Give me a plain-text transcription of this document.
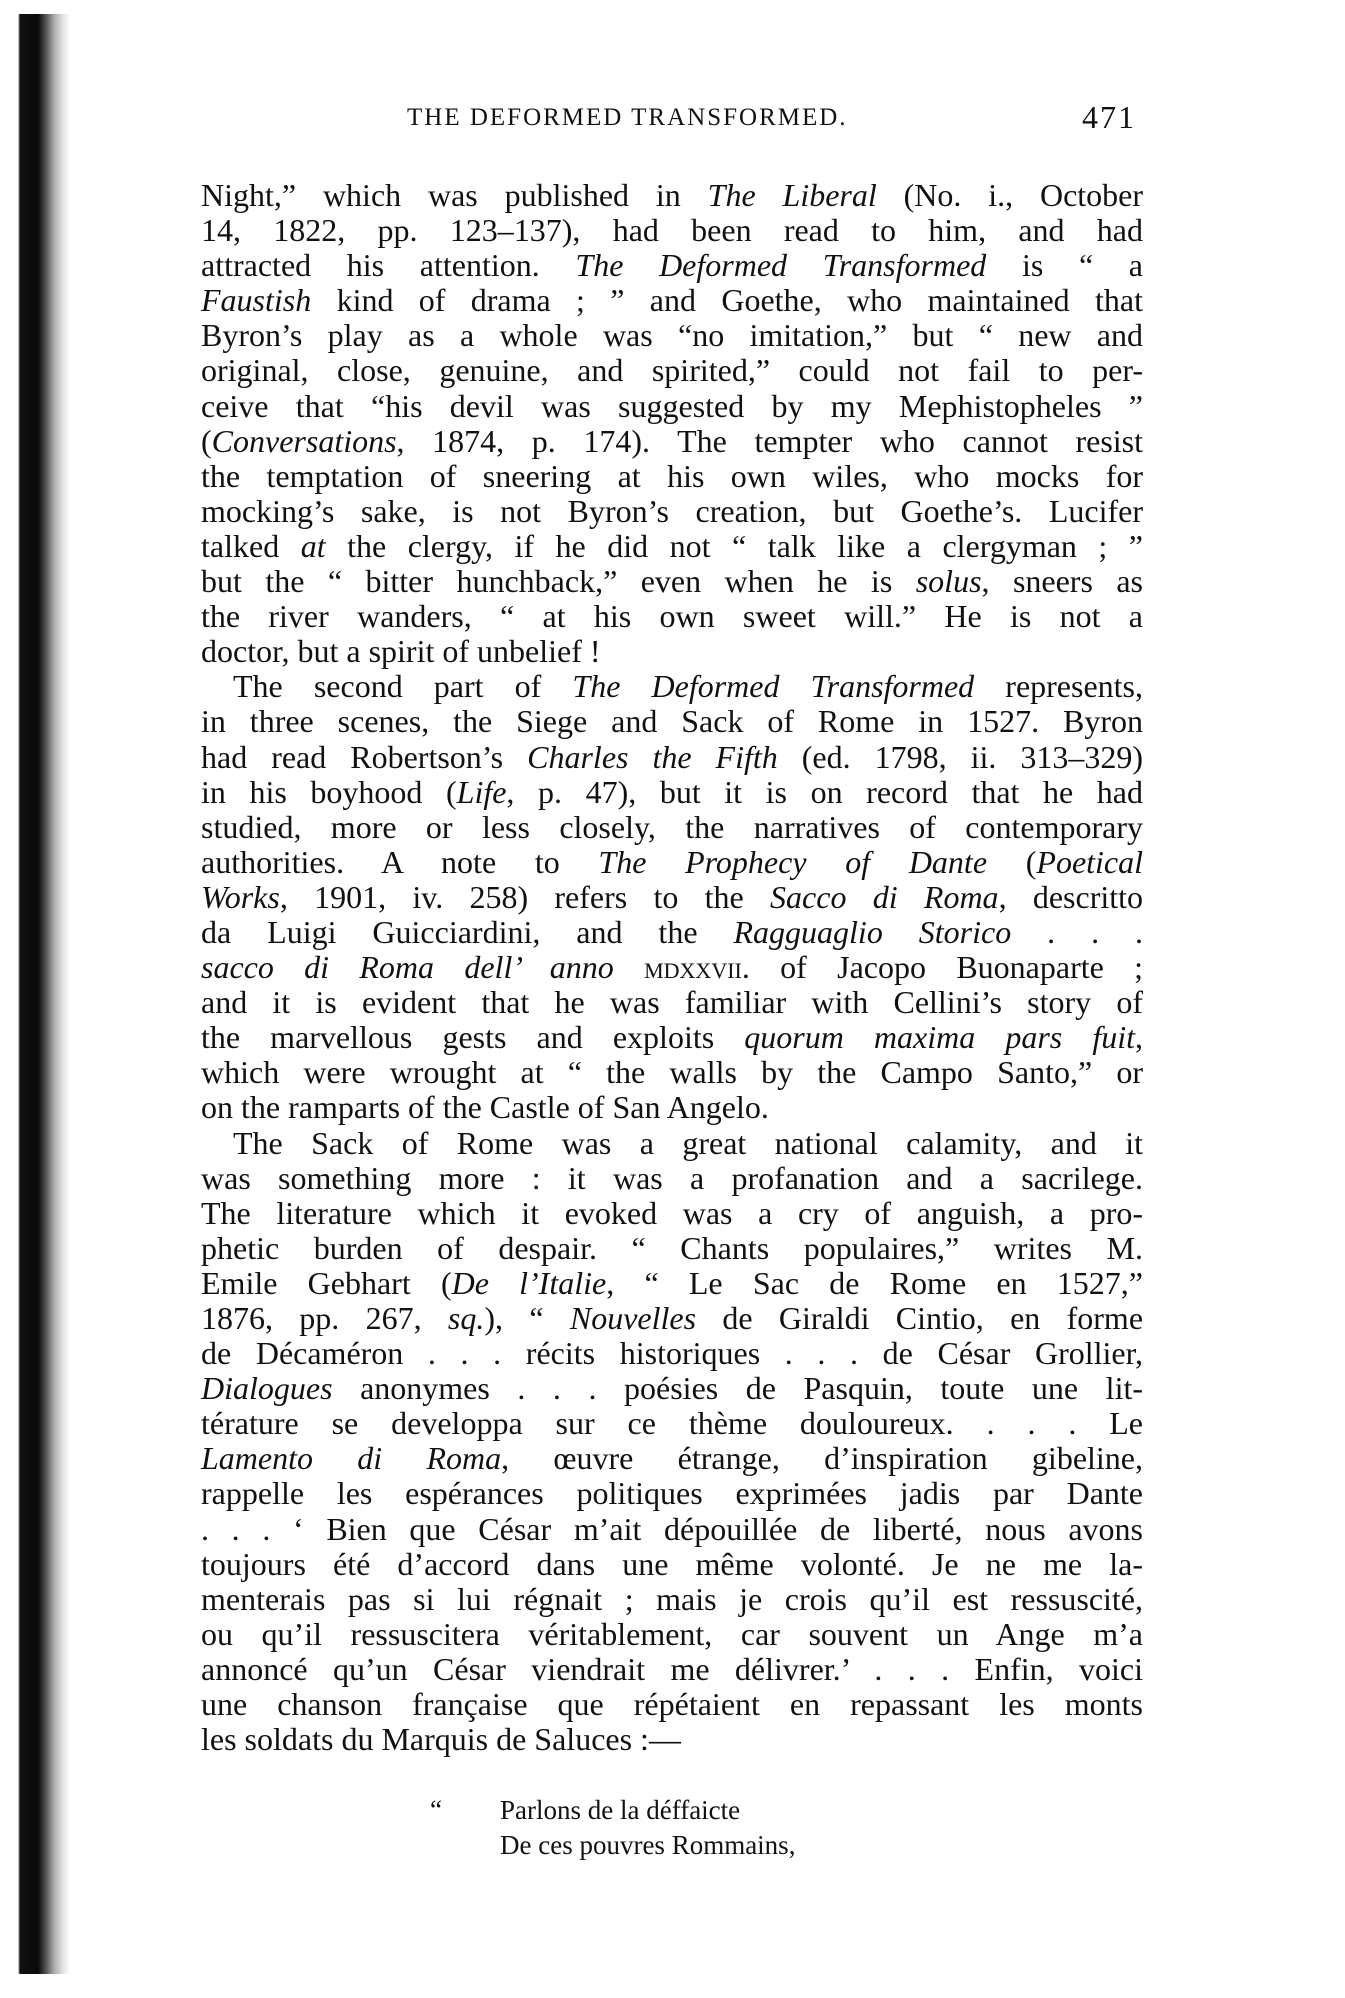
THE DEFORMED TRANSFORMED.	471
Night,” which was published in The Liberal (No. i., October
14, 1822, pp. 123–137), had been read to him, and had
attracted his attention. The Deformed Transformed is “ a
Faustish kind of drama ; ” and Goethe, who maintained that
Byron’s play as a whole was “no imitation,” but “ new and
original, close, genuine, and spirited,” could not fail to per-
ceive that “his devil was suggested by my Mephistopheles ”
(Conversations, 1874, p. 174). The tempter who cannot resist
the temptation of sneering at his own wiles, who mocks for
mocking’s sake, is not Byron’s creation, but Goethe’s. Lucifer
talked at the clergy, if he did not “ talk like a clergyman ; ”
but the “ bitter hunchback,” even when he is solus, sneers as
the river wanders, “ at his own sweet will.” He is not a
doctor, but a spirit of unbelief !
The second part of The Deformed Transformed represents,
in three scenes, the Siege and Sack of Rome in 1527. Byron
had read Robertson’s Charles the Fifth (ed. 1798, ii. 313–329)
in his boyhood (Life, p. 47), but it is on record that he had
studied, more or less closely, the narratives of contemporary
authorities. A note to The Prophecy of Dante (Poetical
Works, 1901, iv. 258) refers to the Sacco di Roma, descritto
da Luigi Guicciardini, and the Ragguaglio Storico . . .
sacco di Roma dell’ anno mdxxvii. of Jacopo Buonaparte ;
and it is evident that he was familiar with Cellini’s story of
the marvellous gests and exploits quorum maxima pars fuit,
which were wrought at “ the walls by the Campo Santo,” or
on the ramparts of the Castle of San Angelo.
The Sack of Rome was a great national calamity, and it
was something more : it was a profanation and a sacrilege.
The literature which it evoked was a cry of anguish, a pro-
phetic burden of despair. “ Chants populaires,” writes M.
Emile Gebhart (De l’Italie, “ Le Sac de Rome en 1527,”
1876, pp. 267, sq.), “ Nouvelles de Giraldi Cintio, en forme
de Décaméron . . . récits historiques . . . de César Grollier,
Dialogues anonymes . . . poésies de Pasquin, toute une lit-
térature se developpa sur ce thème douloureux. . . . Le
Lamento di Roma, œuvre étrange, d’inspiration gibeline,
rappelle les espérances politiques exprimées jadis par Dante
. . . ‘ Bien que César m’ait dépouillée de liberté, nous avons
toujours été d’accord dans une même volonté. Je ne me la-
menterais pas si lui régnait ; mais je crois qu’il est ressuscité,
ou qu’il ressuscitera véritablement, car souvent un Ange m’a
annoncé qu’un César viendrait me délivrer.’ . . . Enfin, voici
une chanson française que répétaient en repassant les monts
les soldats du Marquis de Saluces :—
“ Parlons de la déffaicte
De ces pouvres Rommains,
